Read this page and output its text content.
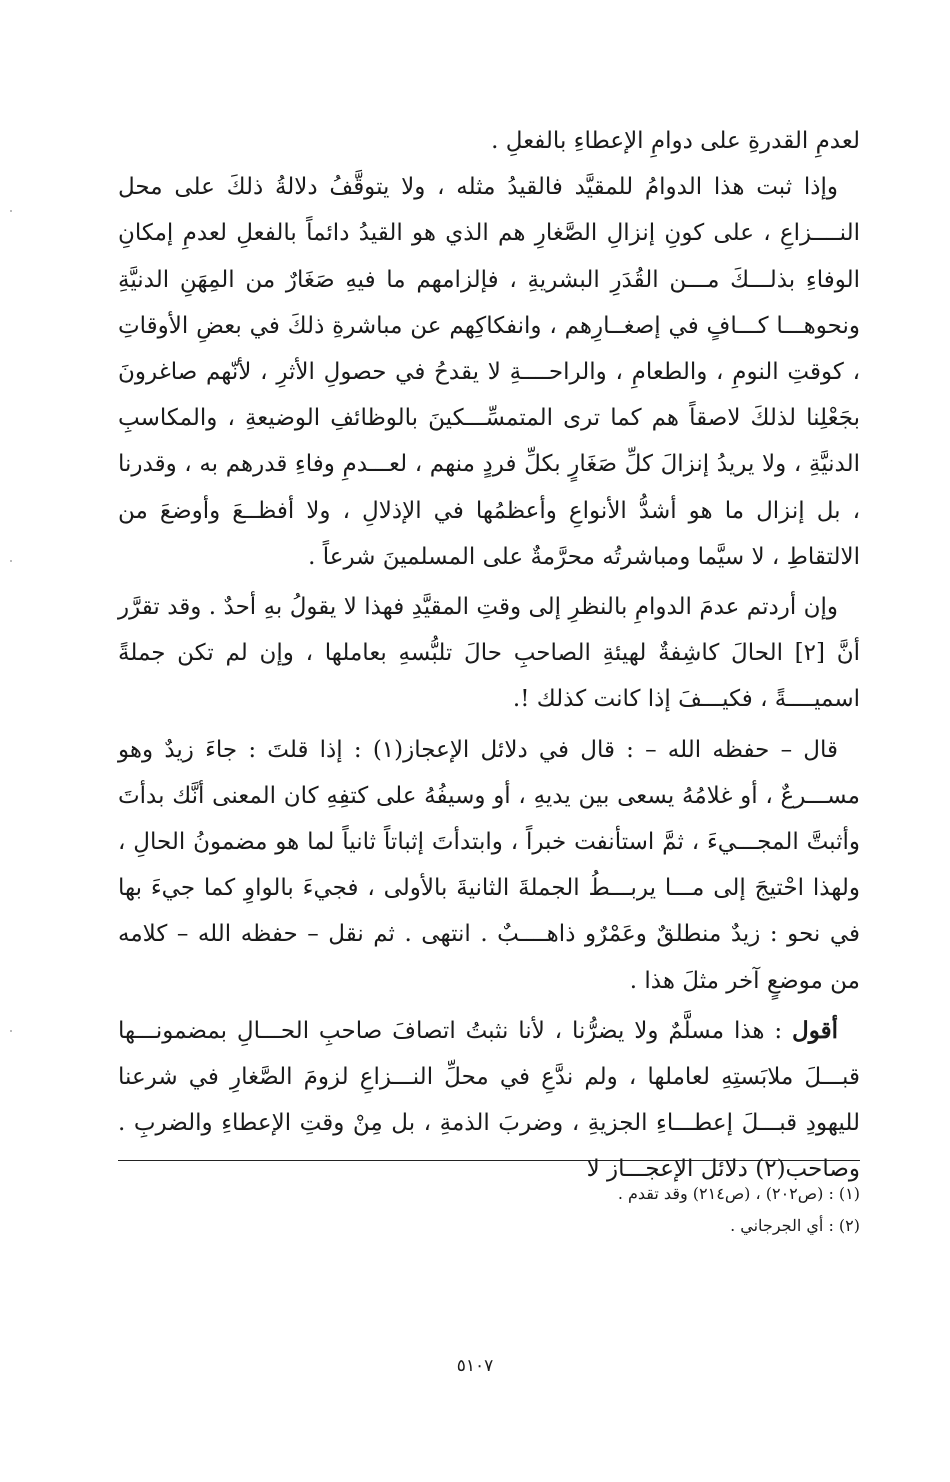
لعدمِ القدرةِ على دوامِ الإعطاءِ بالفعلِ .

وإذا ثبت هذا الدوامُ للمقيَّد فالقيدُ مثله ، ولا يتوقَّفُ دلالةُ ذلكَ على محل النــــزاعِ ، على كونِ إنزالِ الصَّغارِ هم الذي هو القيدُ دائماً بالفعلِ لعدمِ إمكانِ الوفاءِ بذلـــكَ مـــن القُدَرِ البشريةِ ، فإلزامهم ما فيهِ صَغَارٌ من المِهَنِ الدنيَّةِ ونحوهـــا كـــافٍ في إصغــارِهم ، وانفكاكِهم عن مباشرةِ ذلكَ في بعضِ الأوقاتِ ، كوقتِ النومِ ، والطعامِ ، والراحــــةِ لا يقدحُ في حصولِ الأثرِ ، لأنّهم صاغرونَ بجَعْلِنا لذلكَ لاصقاً هم كما ترى المتمسِّـــكينَ بالوظائفِ الوضيعةِ ، والمكاسبِ الدنيَّةِ ، ولا يريدُ إنزالَ كلِّ صَغَارٍ بكلِّ فردٍ منهم ، لعـــدمِ وفاءِ قدرهم به ، وقدرنا ، بل إنزال ما هو أشدُّ الأنواعِ وأعظمُها في الإذلالِ ، ولا أفظــعَ وأوضعَ من الالتقاطِ ، لا سيَّما ومباشرتُه محرَّمةٌ على المسلمينَ شرعاً .

وإن أردتم عدمَ الدوامِ بالنظرِ إلى وقتِ المقيَّدِ فهذا لا يقولُ بهِ أحدٌ . وقد تقرَّر أنَّ [٢] الحالَ كاشِفةٌ لهيئةِ الصاحبِ حالَ تلبُّسهِ بعاملها ، وإن لم تكن جملةً اسميــــةً ، فكيـــفَ إذا كانت كذلك !.

قال – حفظه الله – : قال في دلائل الإعجاز(١) : إذا قلتَ : جاءَ زيدٌ وهو مســـرعٌ ، أو غلامُهُ يسعى بين يديهِ ، أو وسيفُهُ على كتفِهِ كان المعنى أنَّك بدأتَ وأثبتَّ المجـــيءَ ، ثمَّ استأنفت خبراً ، وابتدأتَ إثباتاً ثانياً لما هو مضمونُ الحالِ ، ولهذا احْتيجَ إلى مـــا يربـــطُ الجملةَ الثانيةَ بالأولى ، فجيءَ بالواوِ كما جيءَ بها في نحو : زيدٌ منطلقٌ وعَمْرٌو ذاهــــبٌ . انتهى . ثم نقل – حفظه الله – كلامه من موضعٍ آخر مثلَ هذا .

أقول : هذا مسلَّمٌ ولا يضرُّنا ، لأنا نثبتُ اتصافَ صاحبِ الحـــالِ بمضمونـــها قبـــلَ ملابَستِهِ لعاملها ، ولم ندَّعِ في محلِّ النـــزاعِ لزومَ الصَّغارِ في شرعنا لليهودِ قبـــلَ إعطـــاءِ الجزيةِ ، وضربَ الذمةِ ، بل مِنْ وقتِ الإعطاءِ والضربِ . وصاحب(٢) دلائل الإعجـــاز لا

(١) : (ص٢٠٢) ، (ص٢١٤) وقد تقدم .

(٢) : أي الجرجاني .

٥١٠٧
